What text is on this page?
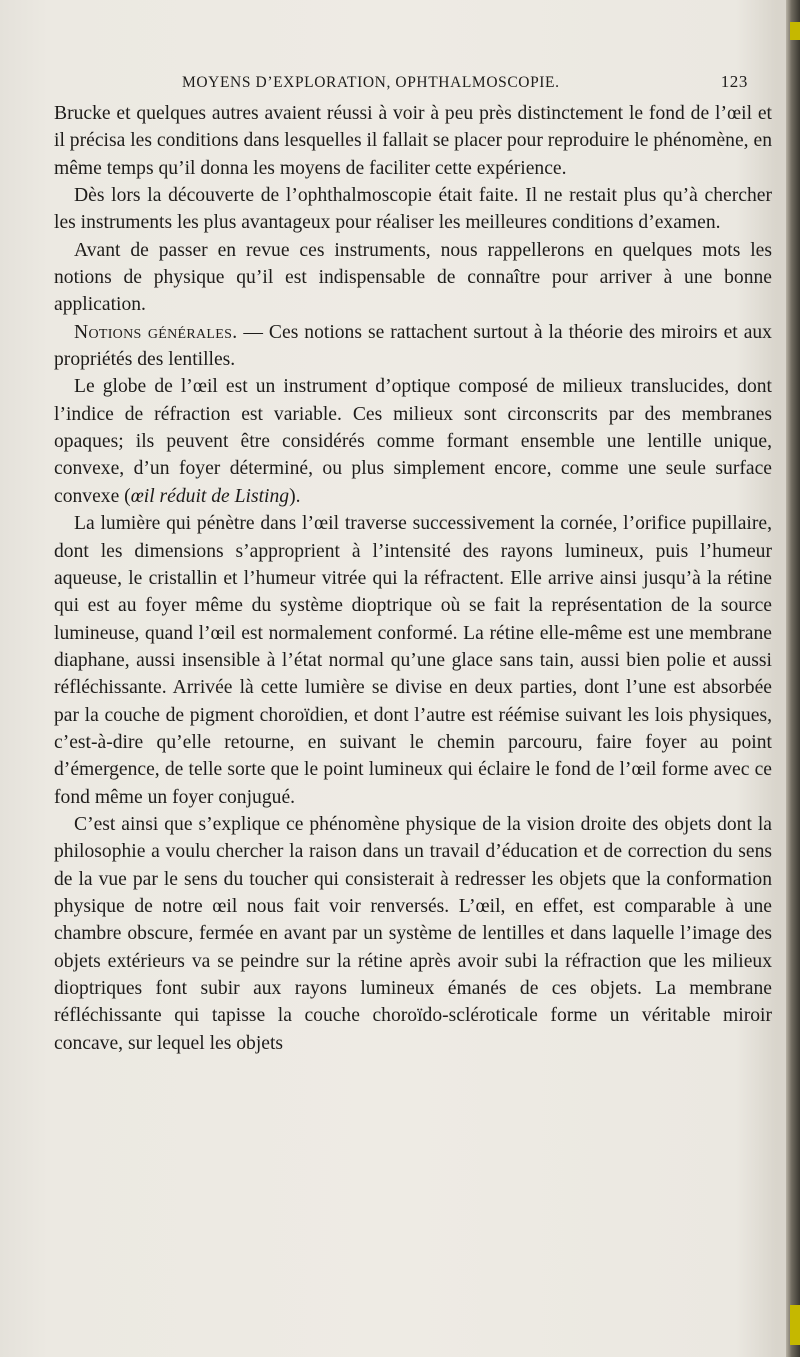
MOYENS D’EXPLORATION, OPHTHALMOSCOPIE.	123

Brucke et quelques autres avaient réussi à voir à peu près distinctement le fond de l’œil et il précisa les conditions dans lesquelles il fallait se placer pour reproduire le phénomène, en même temps qu’il donna les moyens de faciliter cette expérience.

Dès lors la découverte de l’ophthalmoscopie était faite. Il ne restait plus qu’à chercher les instruments les plus avantageux pour réaliser les meilleures conditions d’examen.

Avant de passer en revue ces instruments, nous rappellerons en quelques mots les notions de physique qu’il est indispensable de connaître pour arriver à une bonne application.

Notions générales. — Ces notions se rattachent surtout à la théorie des miroirs et aux propriétés des lentilles.

Le globe de l’œil est un instrument d’optique composé de milieux translucides, dont l’indice de réfraction est variable. Ces milieux sont circonscrits par des membranes opaques; ils peuvent être considérés comme formant ensemble une lentille unique, convexe, d’un foyer déterminé, ou plus simplement encore, comme une seule surface convexe (œil réduit de Listing).

La lumière qui pénètre dans l’œil traverse successivement la cornée, l’orifice pupillaire, dont les dimensions s’approprient à l’intensité des rayons lumineux, puis l’humeur aqueuse, le cristallin et l’humeur vitrée qui la réfractent. Elle arrive ainsi jusqu’à la rétine qui est au foyer même du système dioptrique où se fait la représentation de la source lumineuse, quand l’œil est normalement conformé. La rétine elle-même est une membrane diaphane, aussi insensible à l’état normal qu’une glace sans tain, aussi bien polie et aussi réfléchissante. Arrivée là cette lumière se divise en deux parties, dont l’une est absorbée par la couche de pigment choroïdien, et dont l’autre est réémise suivant les lois physiques, c’est-à-dire qu’elle retourne, en suivant le chemin parcouru, faire foyer au point d’émergence, de telle sorte que le point lumineux qui éclaire le fond de l’œil forme avec ce fond même un foyer conjugué.

C’est ainsi que s’explique ce phénomène physique de la vision droite des objets dont la philosophie a voulu chercher la raison dans un travail d’éducation et de correction du sens de la vue par le sens du toucher qui consisterait à redresser les objets que la conformation physique de notre œil nous fait voir renversés. L’œil, en effet, est comparable à une chambre obscure, fermée en avant par un système de lentilles et dans laquelle l’image des objets extérieurs va se peindre sur la rétine après avoir subi la réfraction que les milieux dioptriques font subir aux rayons lumineux émanés de ces objets. La membrane réfléchissante qui tapisse la couche choroïdo-scléroticale forme un véritable miroir concave, sur lequel les objets
